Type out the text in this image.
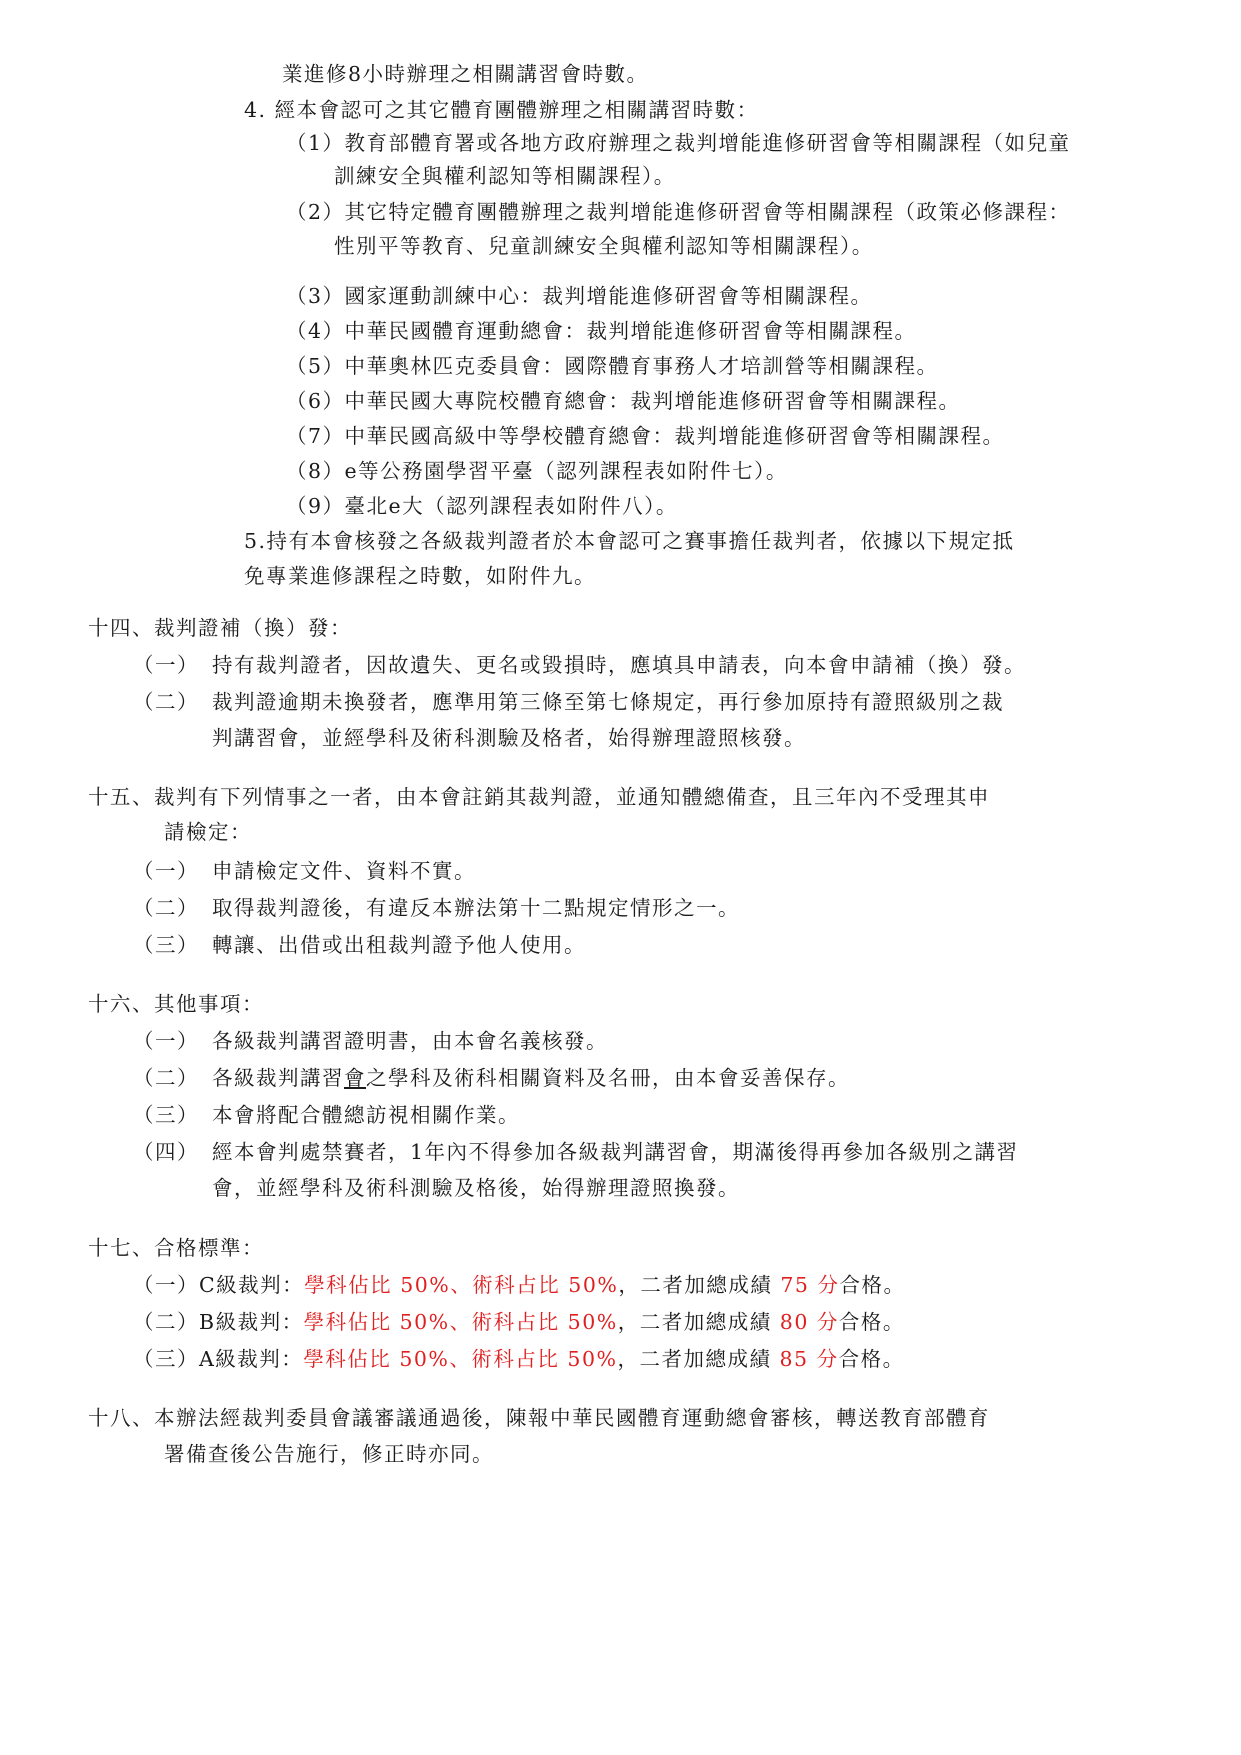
業進修8小時辦理之相關講習會時數。
4. 經本會認可之其它體育團體辦理之相關講習時數：
（1）教育部體育署或各地方政府辦理之裁判增能進修研習會等相關課程（如兒童
訓練安全與權利認知等相關課程）。
（2）其它特定體育團體辦理之裁判增能進修研習會等相關課程（政策必修課程：
性別平等教育、兒童訓練安全與權利認知等相關課程）。
（3）國家運動訓練中心：裁判增能進修研習會等相關課程。
（4）中華民國體育運動總會：裁判增能進修研習會等相關課程。
（5）中華奧林匹克委員會：國際體育事務人才培訓營等相關課程。
（6）中華民國大專院校體育總會：裁判增能進修研習會等相關課程。
（7）中華民國高級中等學校體育總會：裁判增能進修研習會等相關課程。
（8）e等公務園學習平臺（認列課程表如附件七）。
（9）臺北e大（認列課程表如附件八）。
5.持有本會核發之各級裁判證者於本會認可之賽事擔任裁判者，依據以下規定抵
免專業進修課程之時數，如附件九。
十四、裁判證補（換）發：
（一） 持有裁判證者，因故遺失、更名或毀損時，應填具申請表，向本會申請補（換）發。
（二） 裁判證逾期未換發者，應準用第三條至第七條規定，再行參加原持有證照級別之裁
判講習會，並經學科及術科測驗及格者，始得辦理證照核發。
十五、裁判有下列情事之一者，由本會註銷其裁判證，並通知體總備查，且三年內不受理其申
請檢定：
（一） 申請檢定文件、資料不實。
（二） 取得裁判證後，有違反本辦法第十二點規定情形之一。
（三） 轉讓、出借或出租裁判證予他人使用。
十六、其他事項：
（一） 各級裁判講習證明書，由本會名義核發。
（二） 各級裁判講習會之學科及術科相關資料及名冊，由本會妥善保存。
（三） 本會將配合體總訪視相關作業。
（四） 經本會判處禁賽者，1年內不得參加各級裁判講習會，期滿後得再參加各級別之講習
會，並經學科及術科測驗及格後，始得辦理證照換發。
十七、合格標準：
（一）C級裁判：學科佔比 50%、術科占比 50%，二者加總成績 75 分合格。
（二）B級裁判：學科佔比 50%、術科占比 50%，二者加總成績 80 分合格。
（三）A級裁判：學科佔比 50%、術科占比 50%，二者加總成績 85 分合格。
十八、本辦法經裁判委員會議審議通過後，陳報中華民國體育運動總會審核，轉送教育部體育
署備查後公告施行，修正時亦同。
